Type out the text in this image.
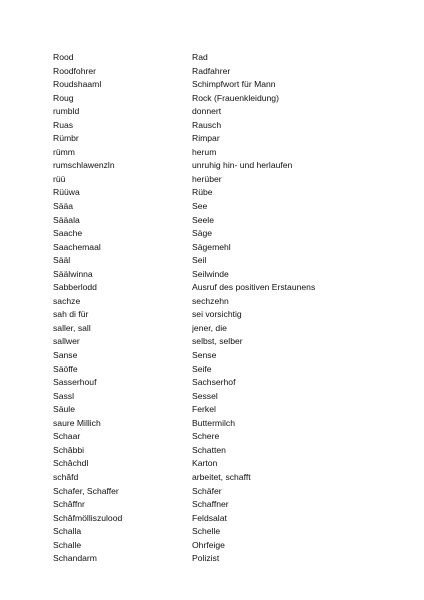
Rood	Rad
Roodfohrer	Radfahrer
Roudshaaml	Schimpfwort für Mann
Roug	Rock (Frauenkleidung)
rumbld	donnert
Ruas	Rausch
Rümbr	Rimpar
rümm	herum
rumschlawenzln	unruhig hin- und herlaufen
rüü	herüber
Rüüwa	Rübe
Sääa	See
Sääala	Seele
Saache	Säge
Saachemaal	Sägemehl
Sääl	Seil
Säälwinna	Seilwinde
Sabberlodd	Ausruf des positiven Erstaunens
sachze	sechzehn
sah di für	sei vorsichtig
saller, sall	jener, die
sallwer	selbst, selber
Sanse	Sense
Säöffe	Seife
Sasserhouf	Sachserhof
Sassl	Sessel
Säule	Ferkel
saure Millich	Buttermilch
Schaar	Schere
Schâbbi	Schatten
Schâchdl	Karton
schâfd	arbeitet, schafft
Schafer, Schaffer	Schäfer
Schâffnr	Schaffner
Schâfmölliszulood	Feldsalat
Schalla	Schelle
Schalle	Ohrfeige
Schandarm	Polizist
